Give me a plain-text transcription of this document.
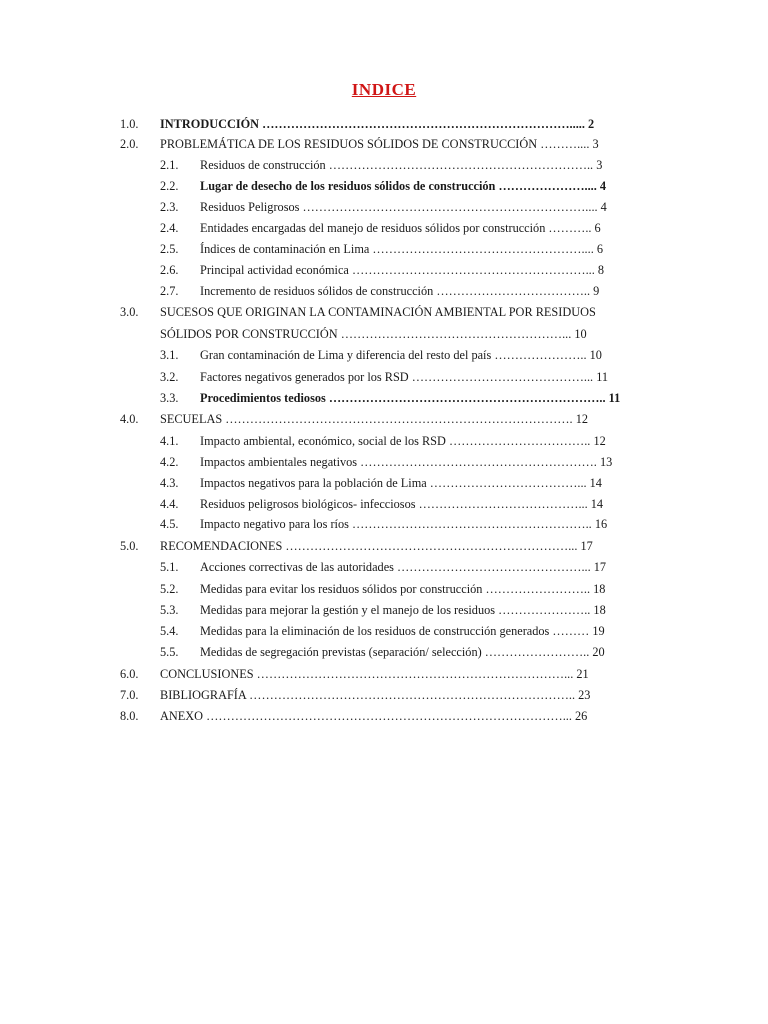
INDICE
1.0. INTRODUCCIÓN …………………………………………………………………..... 2
2.0. PROBLEMÁTICA DE LOS RESIDUOS SÓLIDOS DE CONSTRUCCIÓN ……….... 3
2.1. Residuos de construcción ……………………………………………………….. 3
2.2. Lugar de desecho de los residuos sólidos de construcción ………………….... 4
2.3. Residuos Peligrosos …………………………………………………………….... 4
2.4. Entidades encargadas del manejo de residuos sólidos por construcción ……….. 6
2.5. Índices de contaminación en Lima …………………………………………….... 6
2.6. Principal actividad económica …………………………………………………... 8
2.7. Incremento de residuos sólidos de construcción ……………………………….. 9
3.0. SUCESOS QUE ORIGINAN LA CONTAMINACIÓN AMBIENTAL POR RESIDUOS
SÓLIDOS POR CONSTRUCCIÓN ………………………………………………... 10
3.1. Gran contaminación de Lima y diferencia del resto del país ………………….. 10
3.2. Factores negativos generados por los RSD ……………………………………... 11
3.3. Procedimientos tediosos ………………………………………………………….. 11
4.0. SECUELAS …………………………………………………………………………. 12
4.1. Impacto ambiental, económico, social de los RSD …………………………….. 12
4.2. Impactos ambientales negativos …………………………………………………. 13
4.3. Impactos negativos para la población de Lima ………………………………... 14
4.4. Residuos peligrosos biológicos- infecciosos …………………………………... 14
4.5. Impacto negativo para los ríos ………………………………………………….. 16
5.0. RECOMENDACIONES ……………………………………………………………... 17
5.1. Acciones correctivas de las autoridades ………………………………………... 17
5.2. Medidas para evitar los residuos sólidos por construcción …………………….. 18
5.3. Medidas para mejorar la gestión y el manejo de los residuos ………………….. 18
5.4. Medidas para la eliminación de los residuos de construcción generados ……… 19
5.5. Medidas de segregación previstas (separación/ selección) …………………….. 20
6.0. CONCLUSIONES …………………………………………………………………... 21
7.0. BIBLIOGRAFÍA …………………………………………………………………….. 23
8.0. ANEXO ……………………………………………………………………………... 26
